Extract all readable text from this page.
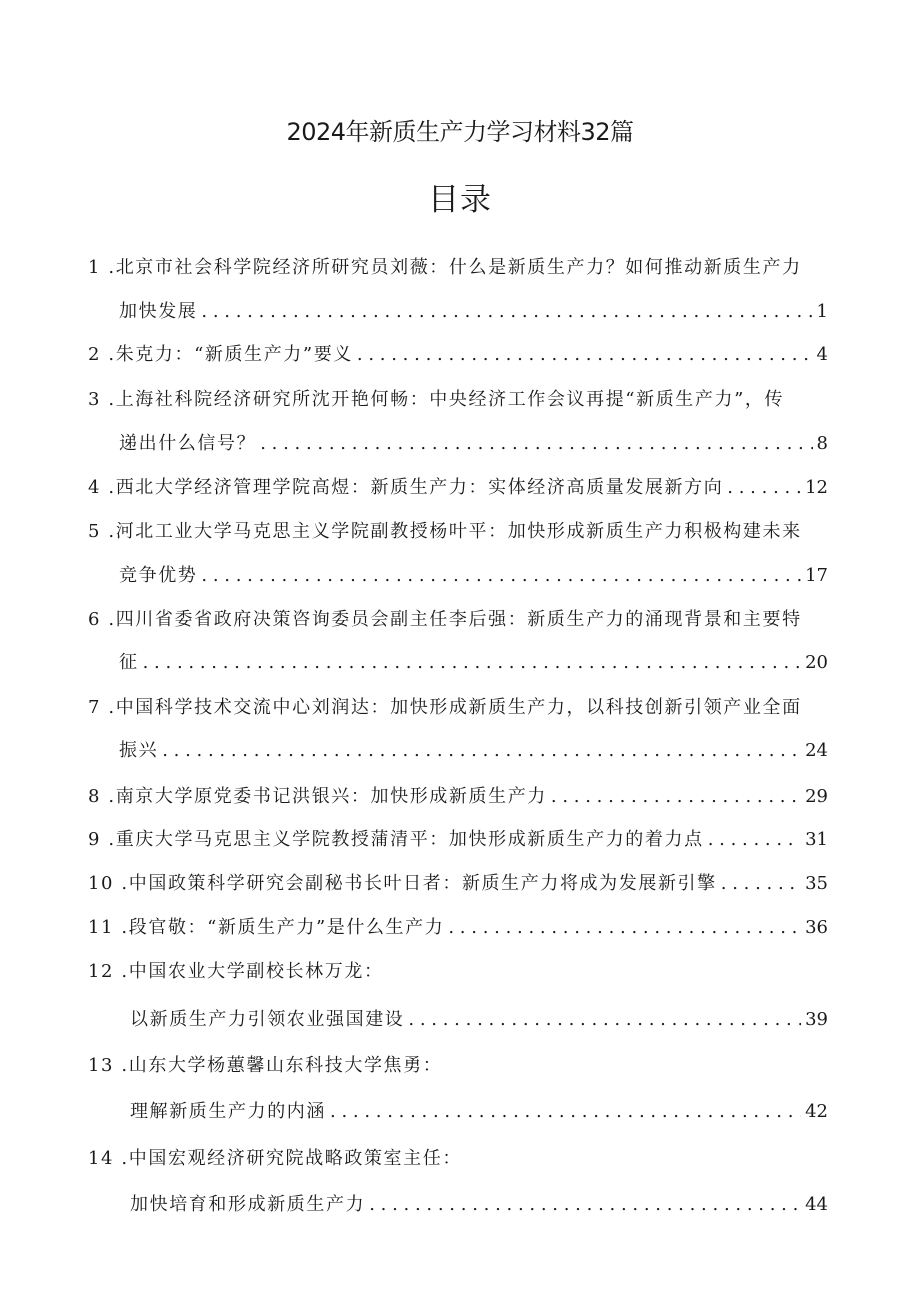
2024年新质生产力学习材料32篇
目录
1 .北京市社会科学院经济所研究员刘薇：什么是新质生产力？如何推动新质生产力
加快发展 . . .	1
2 .朱克力：“新质生产力”要义 . . .	4
3 .上海社科院经济研究所沈开艳何畅：中央经济工作会议再提“新质生产力”，传
递出什么信号？ . . .	8
4 .西北大学经济管理学院高煜：新质生产力：实体经济高质量发展新方向 . . .	12
5 .河北工业大学马克思主义学院副教授杨叶平：加快形成新质生产力积极构建未来
竞争优势 . . .	17
6 .四川省委省政府决策咨询委员会副主任李后强：新质生产力的涌现背景和主要特
征 . . .	20
7 .中国科学技术交流中心刘润达：加快形成新质生产力，以科技创新引领产业全面
振兴 . . .	24
8 .南京大学原党委书记洪银兴：加快形成新质生产力 . . .	29
9 .重庆大学马克思主义学院教授蒲清平：加快形成新质生产力的着力点 . . .	31
10 .中国政策科学研究会副秘书长叶日者：新质生产力将成为发展新引擎 . . .	35
11 .段官敬：“新质生产力”是什么生产力 . . .	36
12 .中国农业大学副校长林万龙：
以新质生产力引领农业强国建设 . . .	39
13 .山东大学杨蕙馨山东科技大学焦勇：
理解新质生产力的内涵 . . .	42
14 .中国宏观经济研究院战略政策室主任：
加快培育和形成新质生产力 . . .	44
